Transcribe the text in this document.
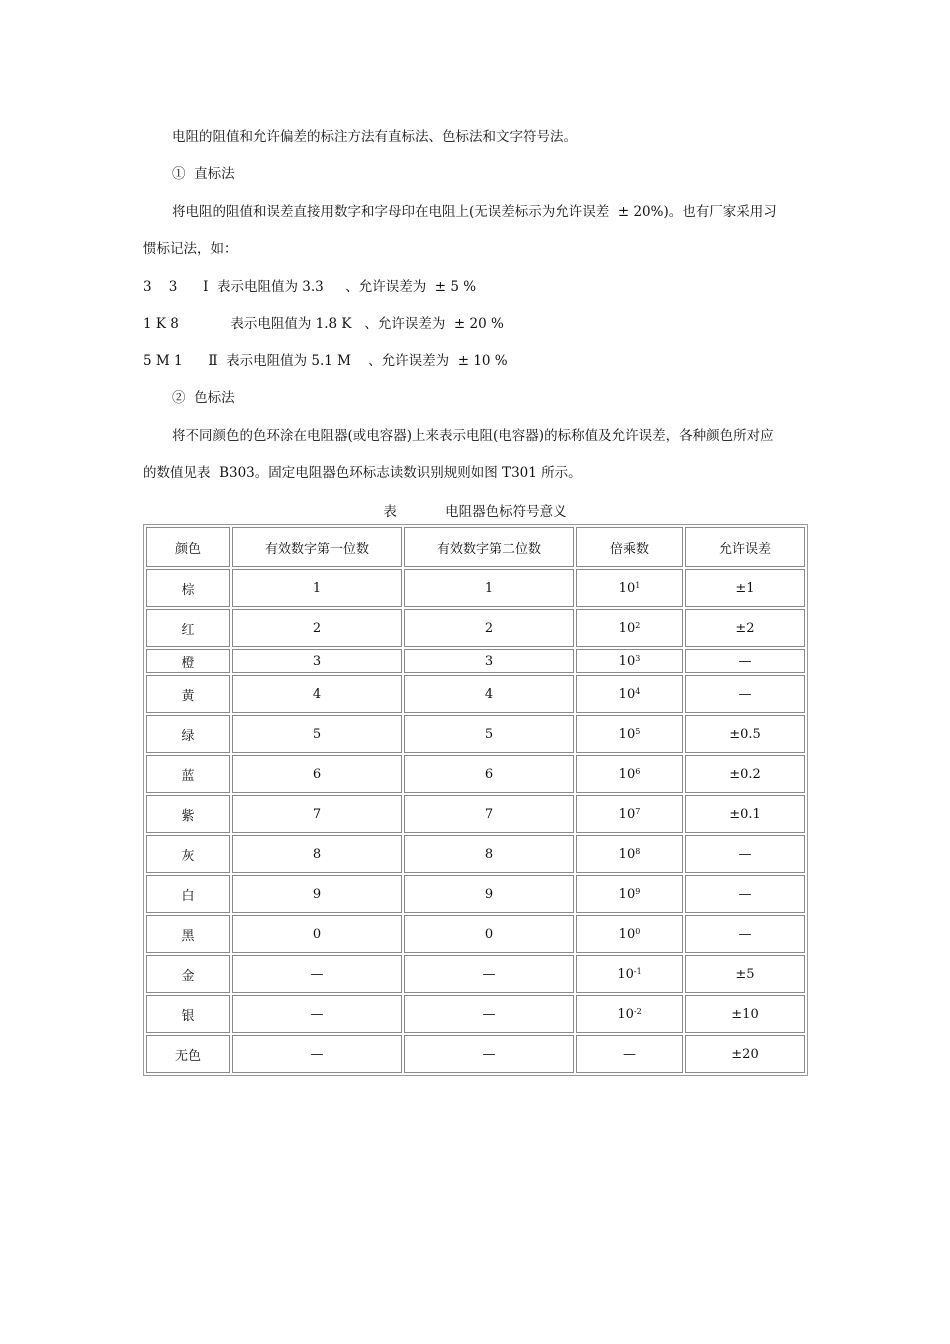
电阻的阻值和允许偏差的标注方法有直标法、色标法和文字符号法。
①  直标法
将电阻的阻值和误差直接用数字和字母印在电阻上(无误差标示为允许误差  ± 20%)。也有厂家采用习
惯标记法，如：
3    3      Ⅰ  表示电阻值为 3.3     、允许误差为  ± 5 %
1 K 8            表示电阻值为 1.8 K   、允许误差为  ± 20 %
5 M 1      Ⅱ  表示电阻值为 5.1 M    、允许误差为  ± 10 %
②  色标法
将不同颜色的色环涂在电阻器(或电容器)上来表示电阻(电容器)的标称值及允许误差，各种颜色所对应
的数值见表  B303。固定电阻器色环标志读数识别规则如图 T301 所示。
表	电阻器色标符号意义
颜色	有效数字第一位数	有效数字第二位数	倍乘数	允许误差
棕	1	1	$10^1$	±1
红	2	2	$10^2$	±2
橙	3	3	$10^3$	—
黄	4	4	$10^4$	—
绿	5	5	$10^5$	±0.5
蓝	6	6	$10^6$	±0.2
紫	7	7	$10^7$	±0.1
灰	8	8	$10^8$	—
白	9	9	$10^9$	—
黑	0	0	$10^0$	—
金	—	—	$10^{-1}$	±5
银	—	—	$10^{-2}$	±10
无色	—	—	—	±20
